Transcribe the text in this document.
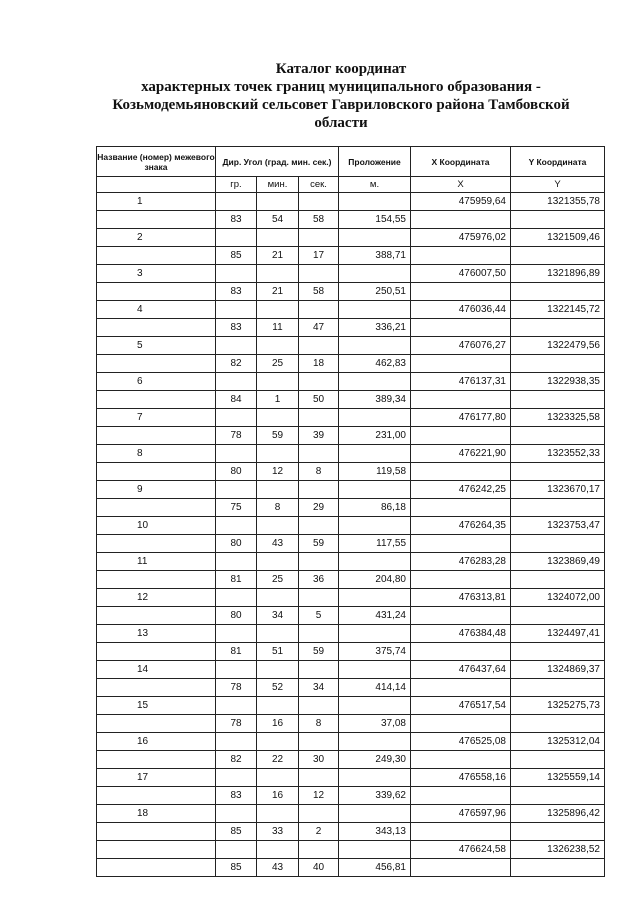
Каталог координат
характерных точек границ муниципального образования -
Козьмодемьяновский сельсовет Гавриловского района Тамбовской
области
Название (номер) межевого знака	Дир. Угол (град. мин. сек.)			Проложение	X Координата	Y Координата
	гр.	мин.	сек.	м.	X	Y
1					475959,64	1321355,78
	83	54	58	154,55		
2					475976,02	1321509,46
	85	21	17	388,71		
3					476007,50	1321896,89
	83	21	58	250,51		
4					476036,44	1322145,72
	83	11	47	336,21		
5					476076,27	1322479,56
	82	25	18	462,83		
6					476137,31	1322938,35
	84	1	50	389,34		
7					476177,80	1323325,58
	78	59	39	231,00		
8					476221,90	1323552,33
	80	12	8	119,58		
9					476242,25	1323670,17
	75	8	29	86,18		
10					476264,35	1323753,47
	80	43	59	117,55		
11					476283,28	1323869,49
	81	25	36	204,80		
12					476313,81	1324072,00
	80	34	5	431,24		
13					476384,48	1324497,41
	81	51	59	375,74		
14					476437,64	1324869,37
	78	52	34	414,14		
15					476517,54	1325275,73
	78	16	8	37,08		
16					476525,08	1325312,04
	82	22	30	249,30		
17					476558,16	1325559,14
	83	16	12	339,62		
18					476597,96	1325896,42
	85	33	2	343,13		
					476624,58	1326238,52
	85	43	40	456,81		
